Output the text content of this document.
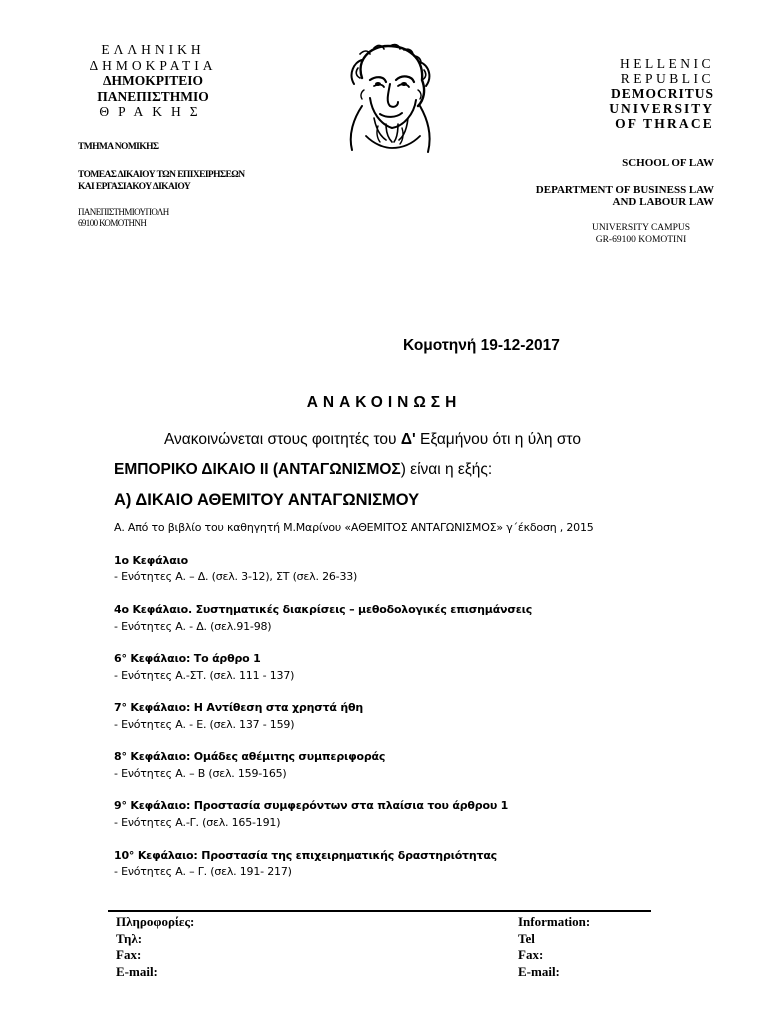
ΕΛΛΗΝΙΚΗ
ΔΗΜΟΚΡΑΤΙΑ
ΔΗΜΟΚΡΙΤΕΙΟ
ΠΑΝΕΠΙΣΤΗΜΙΟ
ΘΡΑΚΗΣ
ΤΜΗΜΑ ΝΟΜΙΚΗΣ
ΤΟΜΕΑΣ ΔΙΚΑΙΟΥ ΤΩΝ ΕΠΙΧΕΙΡΗΣΕΩΝ
ΚΑΙ ΕΡΓΑΣΙΑΚΟΥ ΔΙΚΑΙΟΥ
ΠΑΝΕΠΙΣΤΗΜΙΟΥΠΟΛΗ
69100 ΚΟΜΟΤΗΝΗ
HELLENIC
REPUBLIC
DEMOCRITUS
UNIVERSITY
OF THRACE
SCHOOL OF LAW
DEPARTMENT OF BUSINESS LAW
AND LABOUR LAW
UNIVERSITY CAMPUS
GR-69100 KOMOTINI
Κομοτηνή 19-12-2017
ΑΝΑΚΟΙΝΩΣΗ
Ανακοινώνεται στους φοιτητές του Δ' Εξαμήνου ότι η ύλη στο
ΕΜΠΟΡΙΚΟ ΔΙΚΑΙΟ ΙΙ (ΑΝΤΑΓΩΝΙΣΜΟΣ) είναι η εξής:
Α) ΔΙΚΑΙΟ ΑΘΕΜΙΤΟΥ ΑΝΤΑΓΩΝΙΣΜΟΥ
Α. Από το βιβλίο του καθηγητή Μ.Μαρίνου «ΑΘΕΜΙΤΟΣ ΑΝΤΑΓΩΝΙΣΜΟΣ» γ΄έκδοση , 2015
1ο Κεφάλαιο
- Ενότητες Α. – Δ. (σελ. 3-12), ΣΤ (σελ. 26-33)
4ο Κεφάλαιο. Συστηματικές διακρίσεις – μεθοδολογικές επισημάνσεις
- Ενότητες Α. - Δ. (σελ.91-98)
6° Κεφάλαιο: Το άρθρο 1
- Ενότητες Α.-ΣΤ. (σελ. 111 - 137)
7° Κεφάλαιο: Η Αντίθεση στα χρηστά ήθη
- Ενότητες Α. - Ε. (σελ. 137 - 159)
8° Κεφάλαιο: Ομάδες αθέμιτης συμπεριφοράς
- Ενότητες Α. – Β (σελ. 159-165)
9° Κεφάλαιο: Προστασία συμφερόντων στα πλαίσια του άρθρου 1
- Ενότητες Α.-Γ. (σελ. 165-191)
10° Κεφάλαιο: Προστασία της επιχειρηματικής δραστηριότητας
- Ενότητες Α. – Γ. (σελ. 191- 217)
Πληροφορίες:
Τηλ:
Fax:
E-mail:
Information:
Tel
Fax:
E-mail:
